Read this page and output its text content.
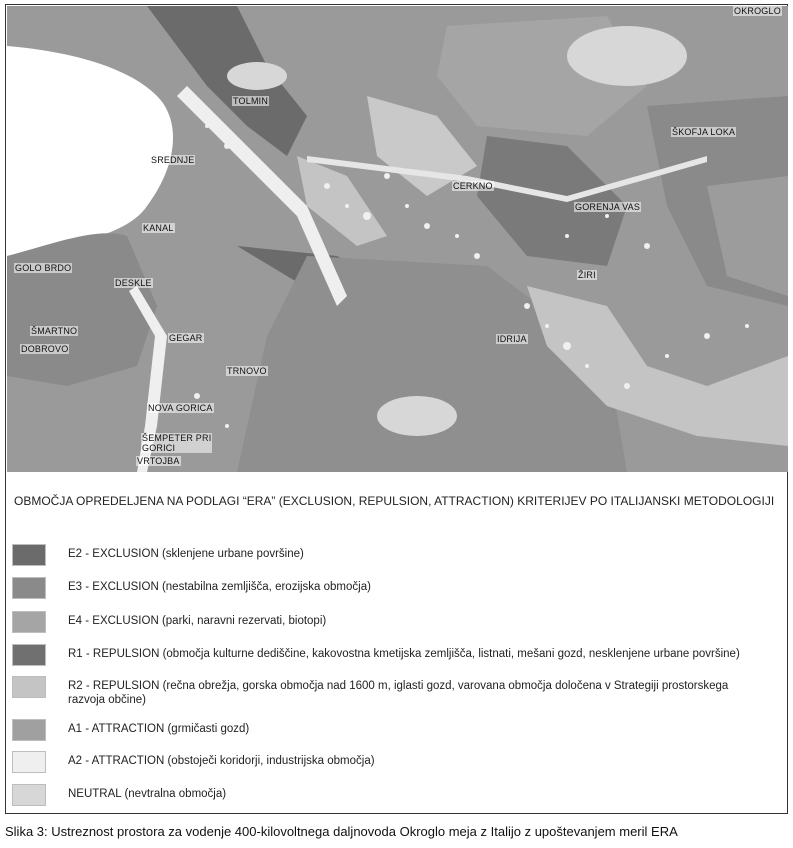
OKROGLO
TOLMIN
ŠKOFJA LOKA
SREDNJE
CERKNO
GORENJA VAS
KANAL
GOLO BRDO
ŽIRI
DESKLE
ŠMARTNO
IDRIJA
GEGAR
DOBROVO
TRNOVO
NOVA GORICA
ŠEMPETER PRI
GORICI
VRTOJBA
OBMOČJA OPREDELJENA NA PODLAGI “ERA” (EXCLUSION, REPULSION, ATTRACTION) KRITERIJEV PO ITALIJANSKI METODOLOGIJI
E2 - EXCLUSION (sklenjene urbane površine)
E3 - EXCLUSION (nestabilna zemljišča, erozijska območja)
E4 - EXCLUSION (parki, naravni rezervati, biotopi)
R1 - REPULSION (območja kulturne dediščine, kakovostna kmetijska zemljišča, listnati, mešani gozd, nesklenjene urbane površine)
R2 - REPULSION (rečna obrežja, gorska območja nad 1600 m, iglasti gozd, varovana območja določena v Strategiji prostorskega razvoja občine)
A1 - ATTRACTION (grmičasti gozd)
A2 - ATTRACTION (obstoječi koridorji, industrijska območja)
NEUTRAL (nevtralna območja)
Slika 3: Ustreznost prostora za vodenje 400-kilovoltnega daljnovoda Okroglo meja z Italijo z upoštevanjem meril ERA
